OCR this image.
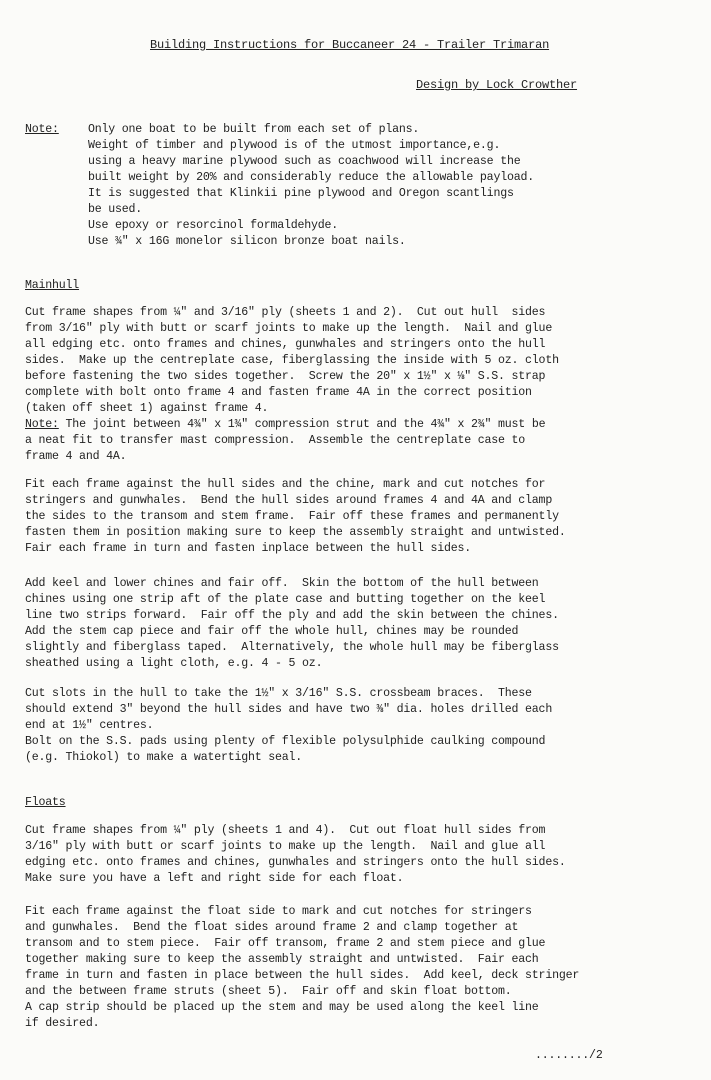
Building Instructions for Buccaneer 24 - Trailer Trimaran
Design by Lock Crowther
Note:	Only one boat to be built from each set of plans.
Weight of timber and plywood is of the utmost importance,e.g.
using a heavy marine plywood such as coachwood will increase the
built weight by 20% and considerably reduce the allowable payload.
It is suggested that Klinkii pine plywood and Oregon scantlings
be used.
Use epoxy or resorcinol formaldehyde.
Use ¾" x 16G monelor silicon bronze boat nails.
Mainhull
Cut frame shapes from ¼" and 3/16" ply (sheets 1 and 2).  Cut out hull  sides
from 3/16" ply with butt or scarf joints to make up the length.  Nail and glue
all edging etc. onto frames and chines, gunwhales and stringers onto the hull
sides.  Make up the centreplate case, fiberglassing the inside with 5 oz. cloth
before fastening the two sides together.  Screw the 20" x 1½" x ⅛" S.S. strap
complete with bolt onto frame 4 and fasten frame 4A in the correct position
(taken off sheet 1) against frame 4.
Note: The joint between 4¾" x 1¾" compression strut and the 4¾" x 2¾" must be
a neat fit to transfer mast compression.  Assemble the centreplate case to
frame 4 and 4A.
Fit each frame against the hull sides and the chine, mark and cut notches for
stringers and gunwhales.  Bend the hull sides around frames 4 and 4A and clamp
the sides to the transom and stem frame.  Fair off these frames and permanently
fasten them in position making sure to keep the assembly straight and untwisted.
Fair each frame in turn and fasten inplace between the hull sides.
Add keel and lower chines and fair off.  Skin the bottom of the hull between
chines using one strip aft of the plate case and butting together on the keel
line two strips forward.  Fair off the ply and add the skin between the chines.
Add the stem cap piece and fair off the whole hull, chines may be rounded
slightly and fiberglass taped.  Alternatively, the whole hull may be fiberglass
sheathed using a light cloth, e.g. 4 - 5 oz.
Cut slots in the hull to take the 1½" x 3/16" S.S. crossbeam braces.  These
should extend 3" beyond the hull sides and have two ⅜" dia. holes drilled each
end at 1½" centres.
Bolt on the S.S. pads using plenty of flexible polysulphide caulking compound
(e.g. Thiokol) to make a watertight seal.
Floats
Cut frame shapes from ¼" ply (sheets 1 and 4).  Cut out float hull sides from
3/16" ply with butt or scarf joints to make up the length.  Nail and glue all
edging etc. onto frames and chines, gunwhales and stringers onto the hull sides.
Make sure you have a left and right side for each float.
Fit each frame against the float side to mark and cut notches for stringers
and gunwhales.  Bend the float sides around frame 2 and clamp together at
transom and to stem piece.  Fair off transom, frame 2 and stem piece and glue
together making sure to keep the assembly straight and untwisted.  Fair each
frame in turn and fasten in place between the hull sides.  Add keel, deck stringer
and the between frame struts (sheet 5).  Fair off and skin float bottom.
A cap strip should be placed up the stem and may be used along the keel line
if desired.
......../2
